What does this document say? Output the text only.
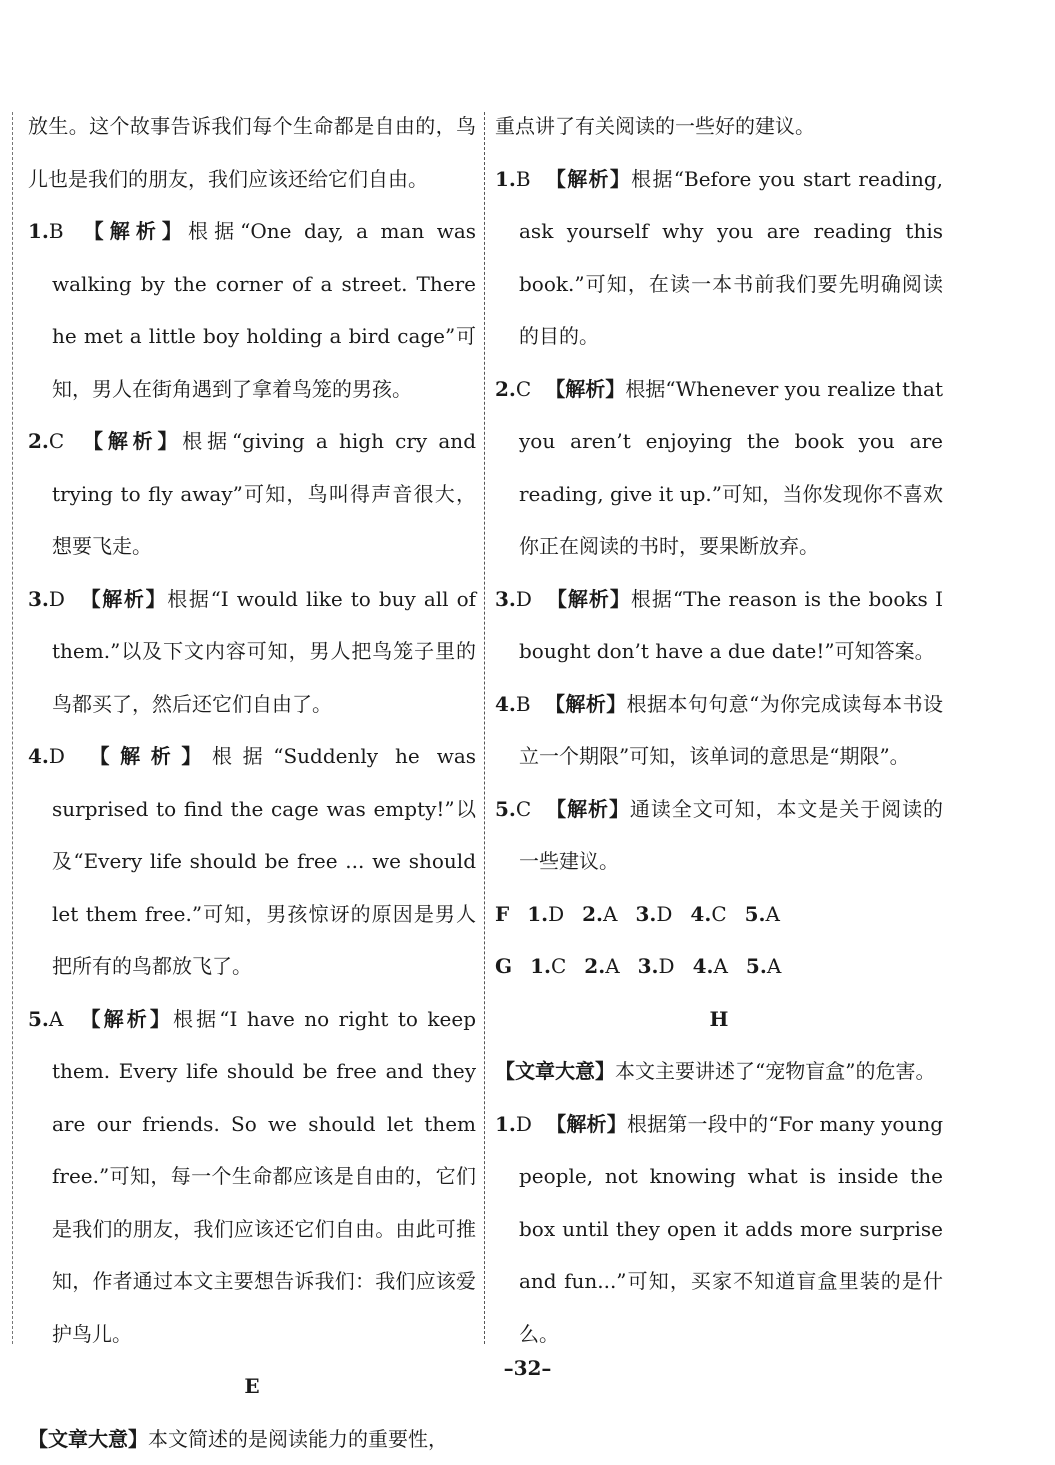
放生。这个故事告诉我们每个生命都是自由的，鸟儿也是我们的朋友，我们应该还给它们自由。

1.B 【解析】根据“One day, a man was walking by the corner of a street. There he met a little boy holding a bird cage”可知，男人在街角遇到了拿着鸟笼的男孩。

2.C 【解析】根据“giving a high cry and trying to fly away”可知，鸟叫得声音很大，想要飞走。

3.D 【解析】根据“I would like to buy all of them.”以及下文内容可知，男人把鸟笼子里的鸟都买了，然后还它们自由了。

4.D 【解析】根据“Suddenly he was surprised to find the cage was empty!”以及“Every life should be free ... we should let them free.”可知，男孩惊讶的原因是男人把所有的鸟都放飞了。

5.A 【解析】根据“I have no right to keep them. Every life should be free and they are our friends. So we should let them free.”可知，每一个生命都应该是自由的，它们是我们的朋友，我们应该还它们自由。由此可推知，作者通过本文主要想告诉我们：我们应该爱护鸟儿。

E

【文章大意】本文简述的是阅读能力的重要性，

重点讲了有关阅读的一些好的建议。

1.B 【解析】根据“Before you start reading, ask yourself why you are reading this book.”可知，在读一本书前我们要先明确阅读的目的。

2.C 【解析】根据“Whenever you realize that you aren’t enjoying the book you are reading, give it up.”可知，当你发现你不喜欢你正在阅读的书时，要果断放弃。

3.D 【解析】根据“The reason is the books I bought don’t have a due date!”可知答案。

4.B 【解析】根据本句句意“为你完成读每本书设立一个期限”可知，该单词的意思是“期限”。

5.C 【解析】通读全文可知，本文是关于阅读的一些建议。

F 1.D 2.A 3.D 4.C 5.A

G 1.C 2.A 3.D 4.A 5.A

H

【文章大意】本文主要讲述了“宠物盲盒”的危害。

1.D 【解析】根据第一段中的“For many young people, not knowing what is inside the box until they open it adds more surprise and fun...”可知，买家不知道盲盒里装的是什么。

–32–
